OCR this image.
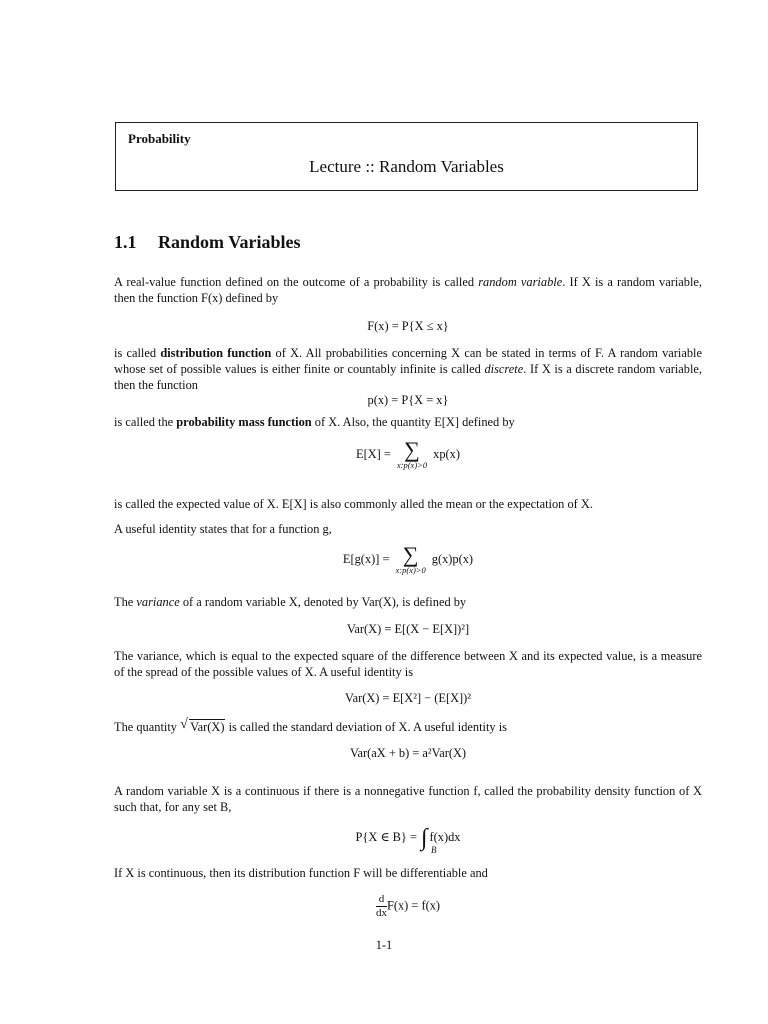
Probability
Lecture :: Random Variables
1.1 Random Variables
A real-value function defined on the outcome of a probability is called random variable. If X is a random variable, then the function F(x) defined by
F(x) = P{X ≤ x}
is called distribution function of X. All probabilities concerning X can be stated in terms of F. A random variable whose set of possible values is either finite or countably infinite is called discrete. If X is a discrete random variable, then the function
p(x) = P{X = x}
is called the probability mass function of X. Also, the quantity E[X] defined by
E[X] = ∑
x:p(x)>0
xp(x)
is called the expected value of X. E[X] is also commonly alled the mean or the expectation of X.
A useful identity states that for a function g,
E[g(x)] = ∑
x:p(x)>0
g(x)p(x)
The variance of a random variable X, denoted by Var(X), is defined by
Var(X) = E[(X − E[X])²]
The variance, which is equal to the expected square of the difference between X and its expected value, is a measure of the spread of the possible values of X. A useful identity is
Var(X) = E[X²] − (E[X])²
The quantity √ Var(X) is called the standard deviation of X. A useful identity is
Var(aX + b) = a²Var(X)
A random variable X is a continuous if there is a nonnegative function f, called the probability density function of X such that, for any set B,
P{X ∈ B} = ∫ B
f(x)dx
If X is continuous, then its distribution function F will be differentiable and
$\frac{d}{dx} F(x) = f(x)$
1-1
